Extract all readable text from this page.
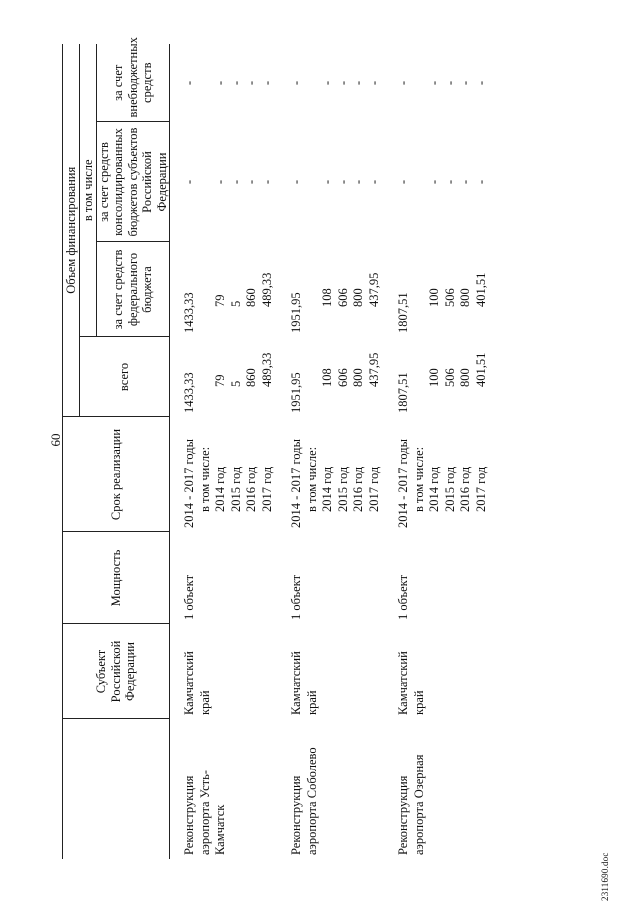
60
	Субъект Российской Федерации	Мощность	Срок реализации	Объем финансирования			
				всего	в том числе		
					за счет средств федерального бюджета	за счет средств консолидированных бюджетов субъектов Российской Федерации	за счет внебюджетных средств

Реконструкция аэропорта Усть-Камчатск	Камчатский край	1 объект	2014 - 2017 годы	1433,33	1433,33	-	-
			в том числе:				
			2014 год	79	79	-	-
			2015 год	5	5	-	-
			2016 год	860	860	-	-
			2017 год	489,33	489,33	-	-

Реконструкция аэропорта Соболево	Камчатский край	1 объект	2014 - 2017 годы	1951,95	1951,95	-	-
			в том числе:				
			2014 год	108	108	-	-
			2015 год	606	606	-	-
			2016 год	800	800	-	-
			2017 год	437,95	437,95	-	-

Реконструкция аэропорта Озерная	Камчатский край	1 объект	2014 - 2017 годы	1807,51	1807,51	-	-
			в том числе:				
			2014 год	100	100	-	-
			2015 год	506	506	-	-
			2016 год	800	800	-	-
			2017 год	401,51	401,51	-	-
2311690.doc
